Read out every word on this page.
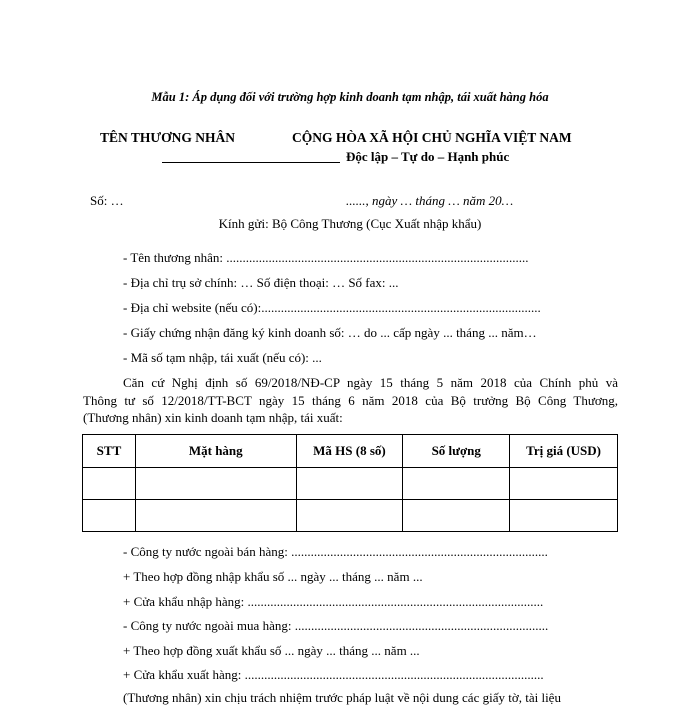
Mẫu 1: Áp dụng đối với trường hợp kinh doanh tạm nhập, tái xuất hàng hóa
TÊN THƯƠNG NHÂN	CỘNG HÒA XÃ HỘI CHỦ NGHĨA VIỆT NAM
Độc lập – Tự do – Hạnh phúc
Số: …	......, ngày … tháng … năm 20…
Kính gửi: Bộ Công Thương (Cục Xuất nhập khẩu)
- Tên thương nhân: .............................................................................................
- Địa chỉ trụ sở chính: … Số điện thoại: … Số fax: ...
- Địa chỉ website (nếu có):......................................................................................
- Giấy chứng nhận đăng ký kinh doanh số: … do ... cấp ngày ... tháng ... năm…
- Mã số tạm nhập, tái xuất (nếu có): ...
Căn cứ Nghị định số 69/2018/NĐ-CP ngày 15 tháng 5 năm 2018 của Chính phủ và
Thông tư số 12/2018/TT-BCT ngày 15 tháng 6 năm 2018 của Bộ trưởng Bộ Công Thương,
(Thương nhân) xin kinh doanh tạm nhập, tái xuất:
STT	Mặt hàng	Mã HS (8 số)	Số lượng	Trị giá (USD)

- Công ty nước ngoài bán hàng: ...............................................................................
+ Theo hợp đồng nhập khẩu số ... ngày ... tháng ... năm ...
+ Cửa khẩu nhập hàng: ...........................................................................................
- Công ty nước ngoài mua hàng: ..............................................................................
+ Theo hợp đồng xuất khẩu số ... ngày ... tháng ... năm ...
+ Cửa khẩu xuất hàng: ............................................................................................
(Thương nhân) xin chịu trách nhiệm trước pháp luật về nội dung các giấy tờ, tài liệu
